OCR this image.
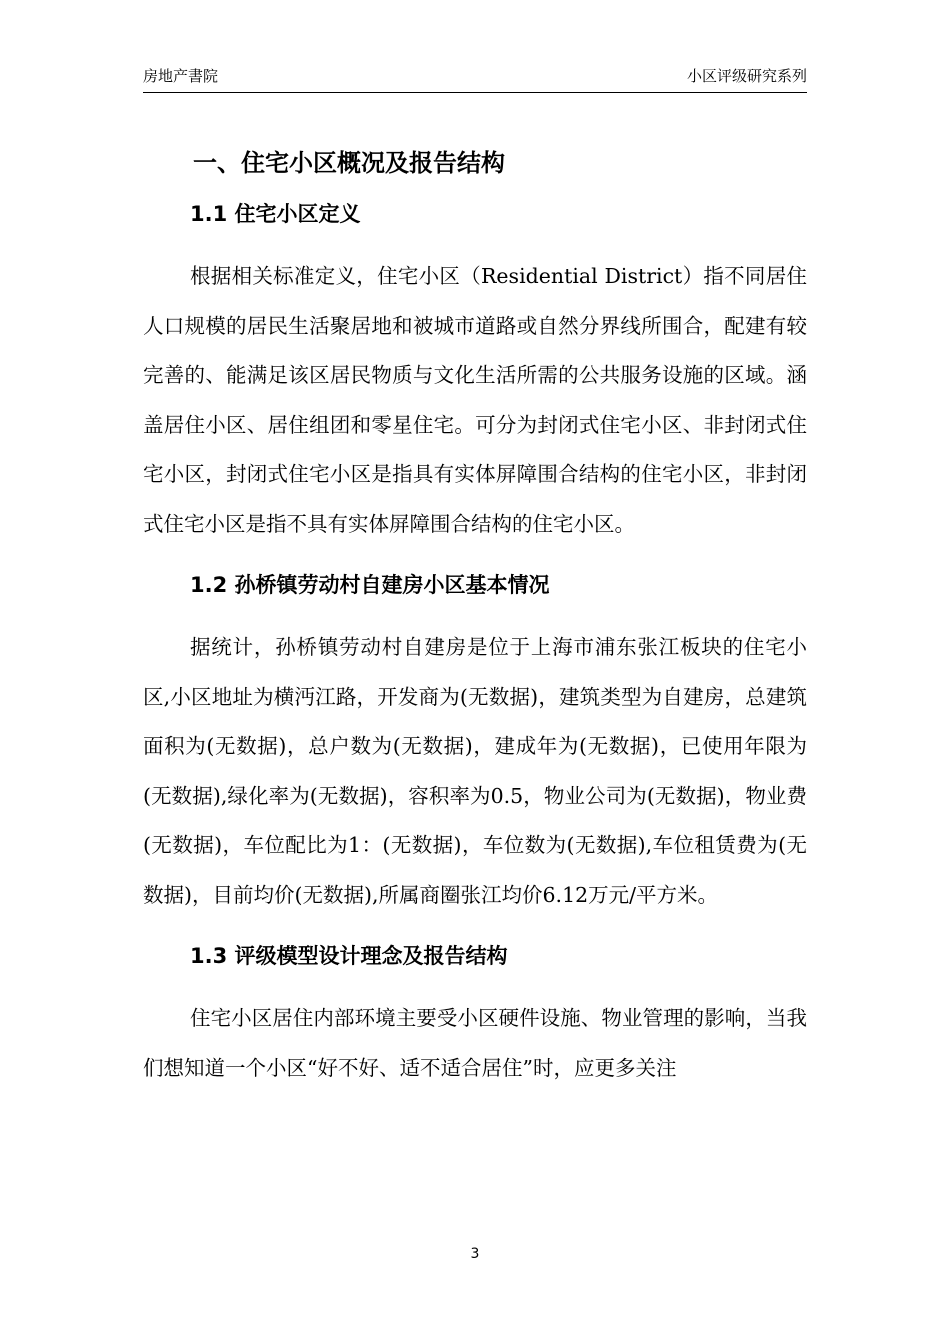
房地产書院	小区评级研究系列
一、住宅小区概况及报告结构
1.1 住宅小区定义

根据相关标准定义，住宅小区（Residential District）指不同居住人口规模的居民生活聚居地和被城市道路或自然分界线所围合，配建有较完善的、能满足该区居民物质与文化生活所需的公共服务设施的区域。涵盖居住小区、居住组团和零星住宅。可分为封闭式住宅小区、非封闭式住宅小区，封闭式住宅小区是指具有实体屏障围合结构的住宅小区，非封闭式住宅小区是指不具有实体屏障围合结构的住宅小区。

1.2 孙桥镇劳动村自建房小区基本情况

据统计，孙桥镇劳动村自建房是位于上海市浦东张江板块的住宅小区,小区地址为横沔江路，开发商为(无数据)，建筑类型为自建房，总建筑面积为(无数据)，总户数为(无数据)，建成年为(无数据)，已使用年限为(无数据),绿化率为(无数据)，容积率为0.5，物业公司为(无数据)，物业费(无数据)，车位配比为1：(无数据)，车位数为(无数据),车位租赁费为(无数据)，目前均价(无数据),所属商圈张江均价6.12万元/平方米。

1.3 评级模型设计理念及报告结构

住宅小区居住内部环境主要受小区硬件设施、物业管理的影响，当我们想知道一个小区“好不好、适不适合居住”时，应更多关注

3
